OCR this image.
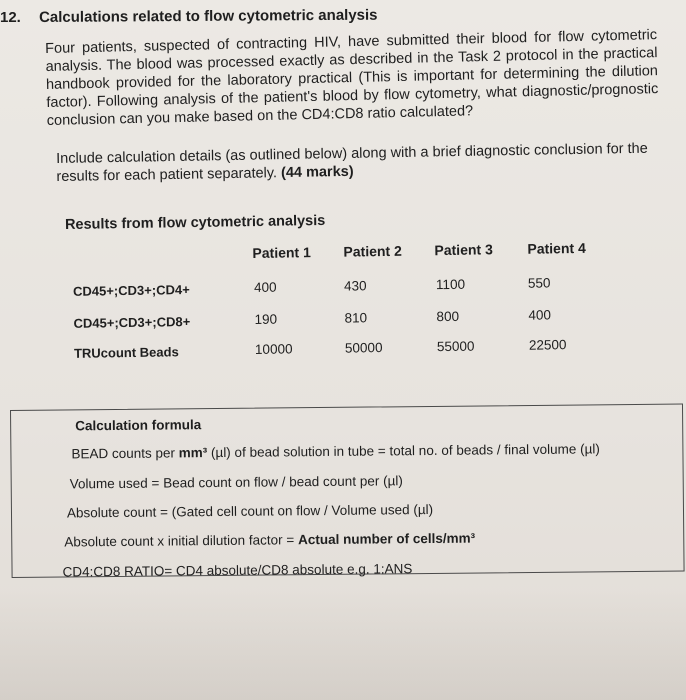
12. Calculations related to flow cytometric analysis
Four patients, suspected of contracting HIV, have submitted their blood for flow cytometric analysis. The blood was processed exactly as described in the Task 2 protocol in the practical handbook provided for the laboratory practical (This is important for determining the dilution factor). Following analysis of the patient's blood by flow cytometry, what diagnostic/prognostic conclusion can you make based on the CD4:CD8 ratio calculated?
Include calculation details (as outlined below) along with a brief diagnostic conclusion for the results for each patient separately. (44 marks)
Results from flow cytometric analysis
Patient 1 Patient 2 Patient 3 Patient 4
CD45+;CD3+;CD4+	400	430	1100	550
CD45+;CD3+;CD8+	190	810	800	400
TRUcount Beads	10000	50000	55000	22500
Calculation formula
BEAD counts per mm³ (µl) of bead solution in tube = total no. of beads / final volume (µl)
Volume used = Bead count on flow / bead count per (µl)
Absolute count = (Gated cell count on flow / Volume used (µl)
Absolute count x initial dilution factor = Actual number of cells/mm³
CD4:CD8 RATIO= CD4 absolute/CD8 absolute e.g. 1:ANS
